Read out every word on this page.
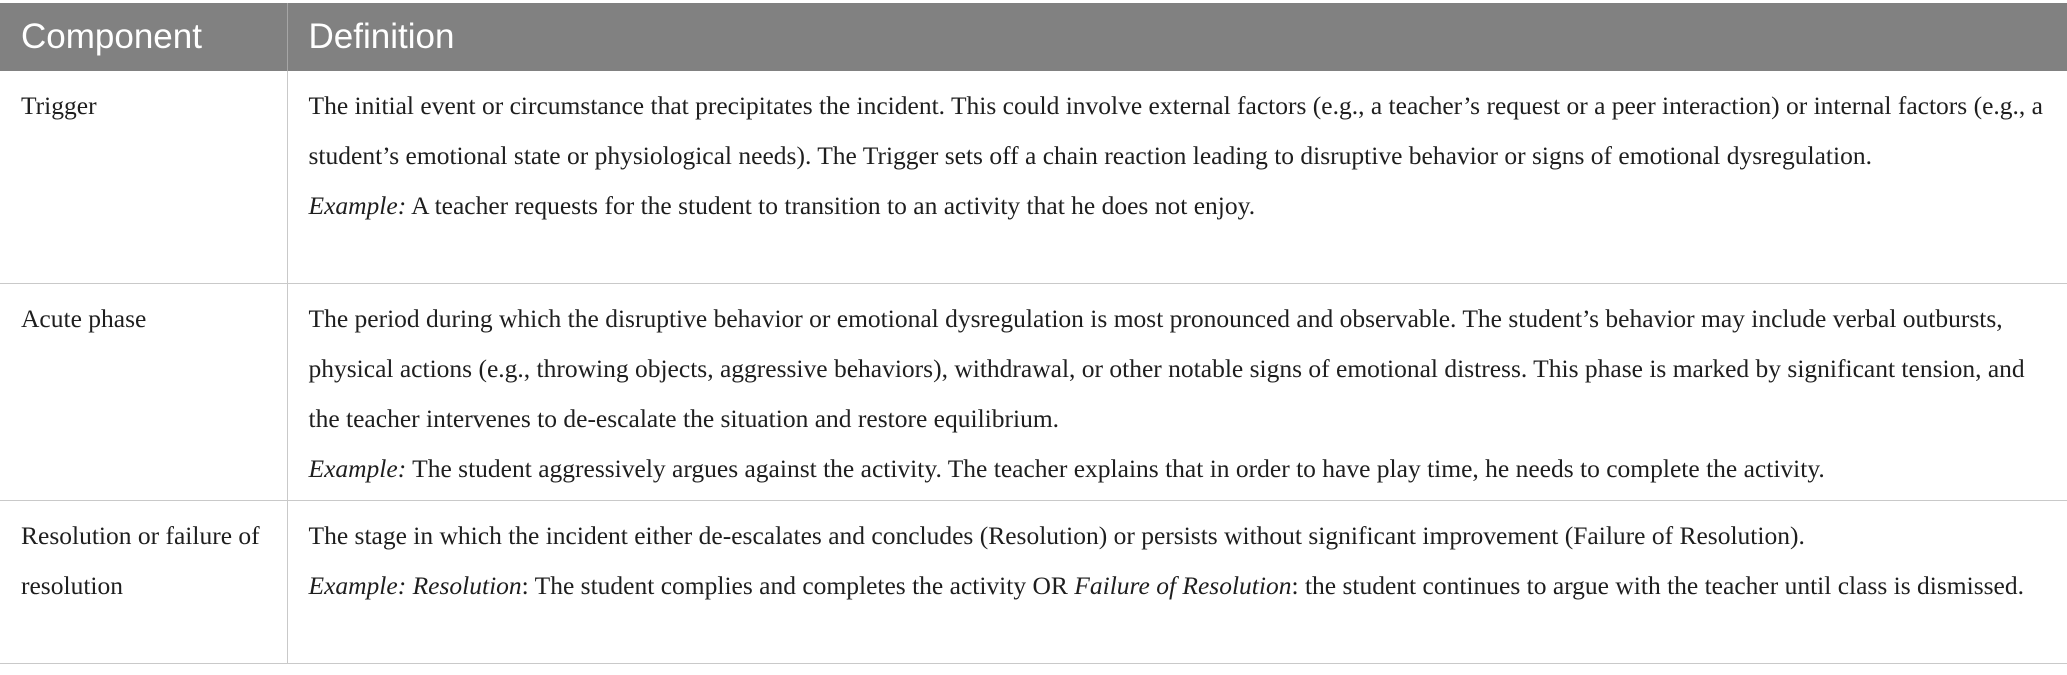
Component	Definition
Trigger	The initial event or circumstance that precipitates the incident. This could involve external factors (e.g., a teacher’s request or a peer interaction) or internal factors (e.g., a student’s emotional state or physiological needs). The Trigger sets off a chain reaction leading to disruptive behavior or signs of emotional dysregulation.
Example: A teacher requests for the student to transition to an activity that he does not enjoy.

Acute phase	The period during which the disruptive behavior or emotional dysregulation is most pronounced and observable. The student’s behavior may include verbal outbursts, physical actions (e.g., throwing objects, aggressive behaviors), withdrawal, or other notable signs of emotional distress. This phase is marked by significant tension, and the teacher intervenes to de-escalate the situation and restore equilibrium.
Example: The student aggressively argues against the activity. The teacher explains that in order to have play time, he needs to complete the activity.

Resolution or failure of resolution	The stage in which the incident either de-escalates and concludes (Resolution) or persists without significant improvement (Failure of Resolution).
Example: Resolution: The student complies and completes the activity OR Failure of Resolution: the student continues to argue with the teacher until class is dismissed.
